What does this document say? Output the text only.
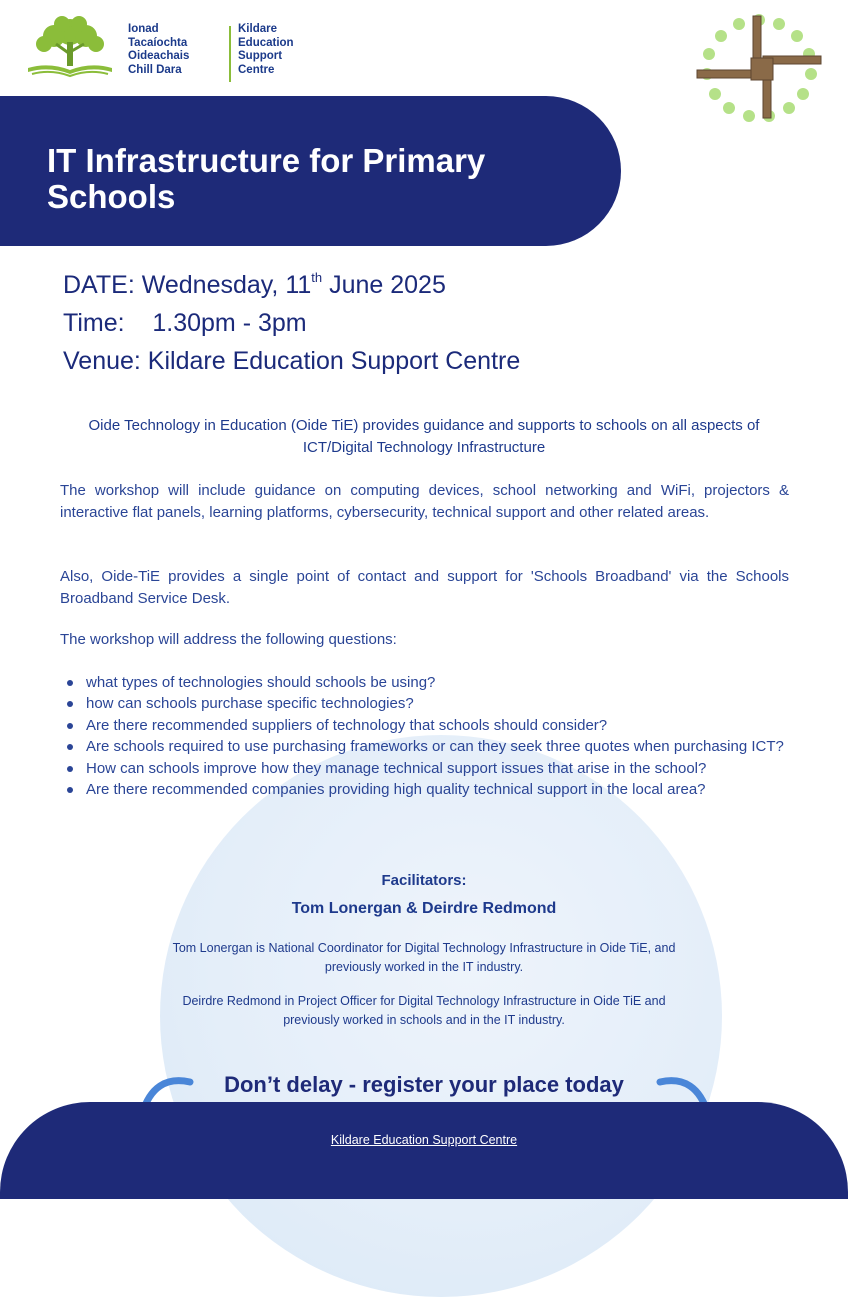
Ionad
Tacaíochta
Oideachais
Chill Dara
Kildare
Education
Support
Centre
IT Infrastructure for Primary Schools
DATE: Wednesday, 11th June 2025
Time:    1.30pm - 3pm
Venue: Kildare Education Support Centre
Oide Technology in Education (Oide TiE) provides guidance and supports to schools on all aspects of ICT/Digital Technology Infrastructure
The workshop will include guidance on computing devices, school networking and WiFi, projectors & interactive flat panels, learning platforms, cybersecurity, technical support and other related areas.
Also, Oide-TiE provides a single point of contact and support for 'Schools Broadband' via the Schools Broadband Service Desk.
The workshop will address the following questions:
what types of technologies should schools be using?
how can schools purchase specific technologies?
Are there recommended suppliers of technology that schools should consider?
Are schools required to use purchasing frameworks or can they seek three quotes when purchasing ICT?
How can schools improve how they manage technical support issues that arise in the school?
Are there recommended companies providing high quality technical support in the local area?
Facilitators:
Tom Lonergan & Deirdre Redmond
Tom Lonergan is National Coordinator for Digital Technology Infrastructure in Oide TiE, and previously worked in the IT industry.
Deirdre Redmond in Project Officer for Digital Technology Infrastructure in Oide TiE and previously worked in schools and in the IT industry.
Don’t delay - register your place today
Kildare Education Support Centre
